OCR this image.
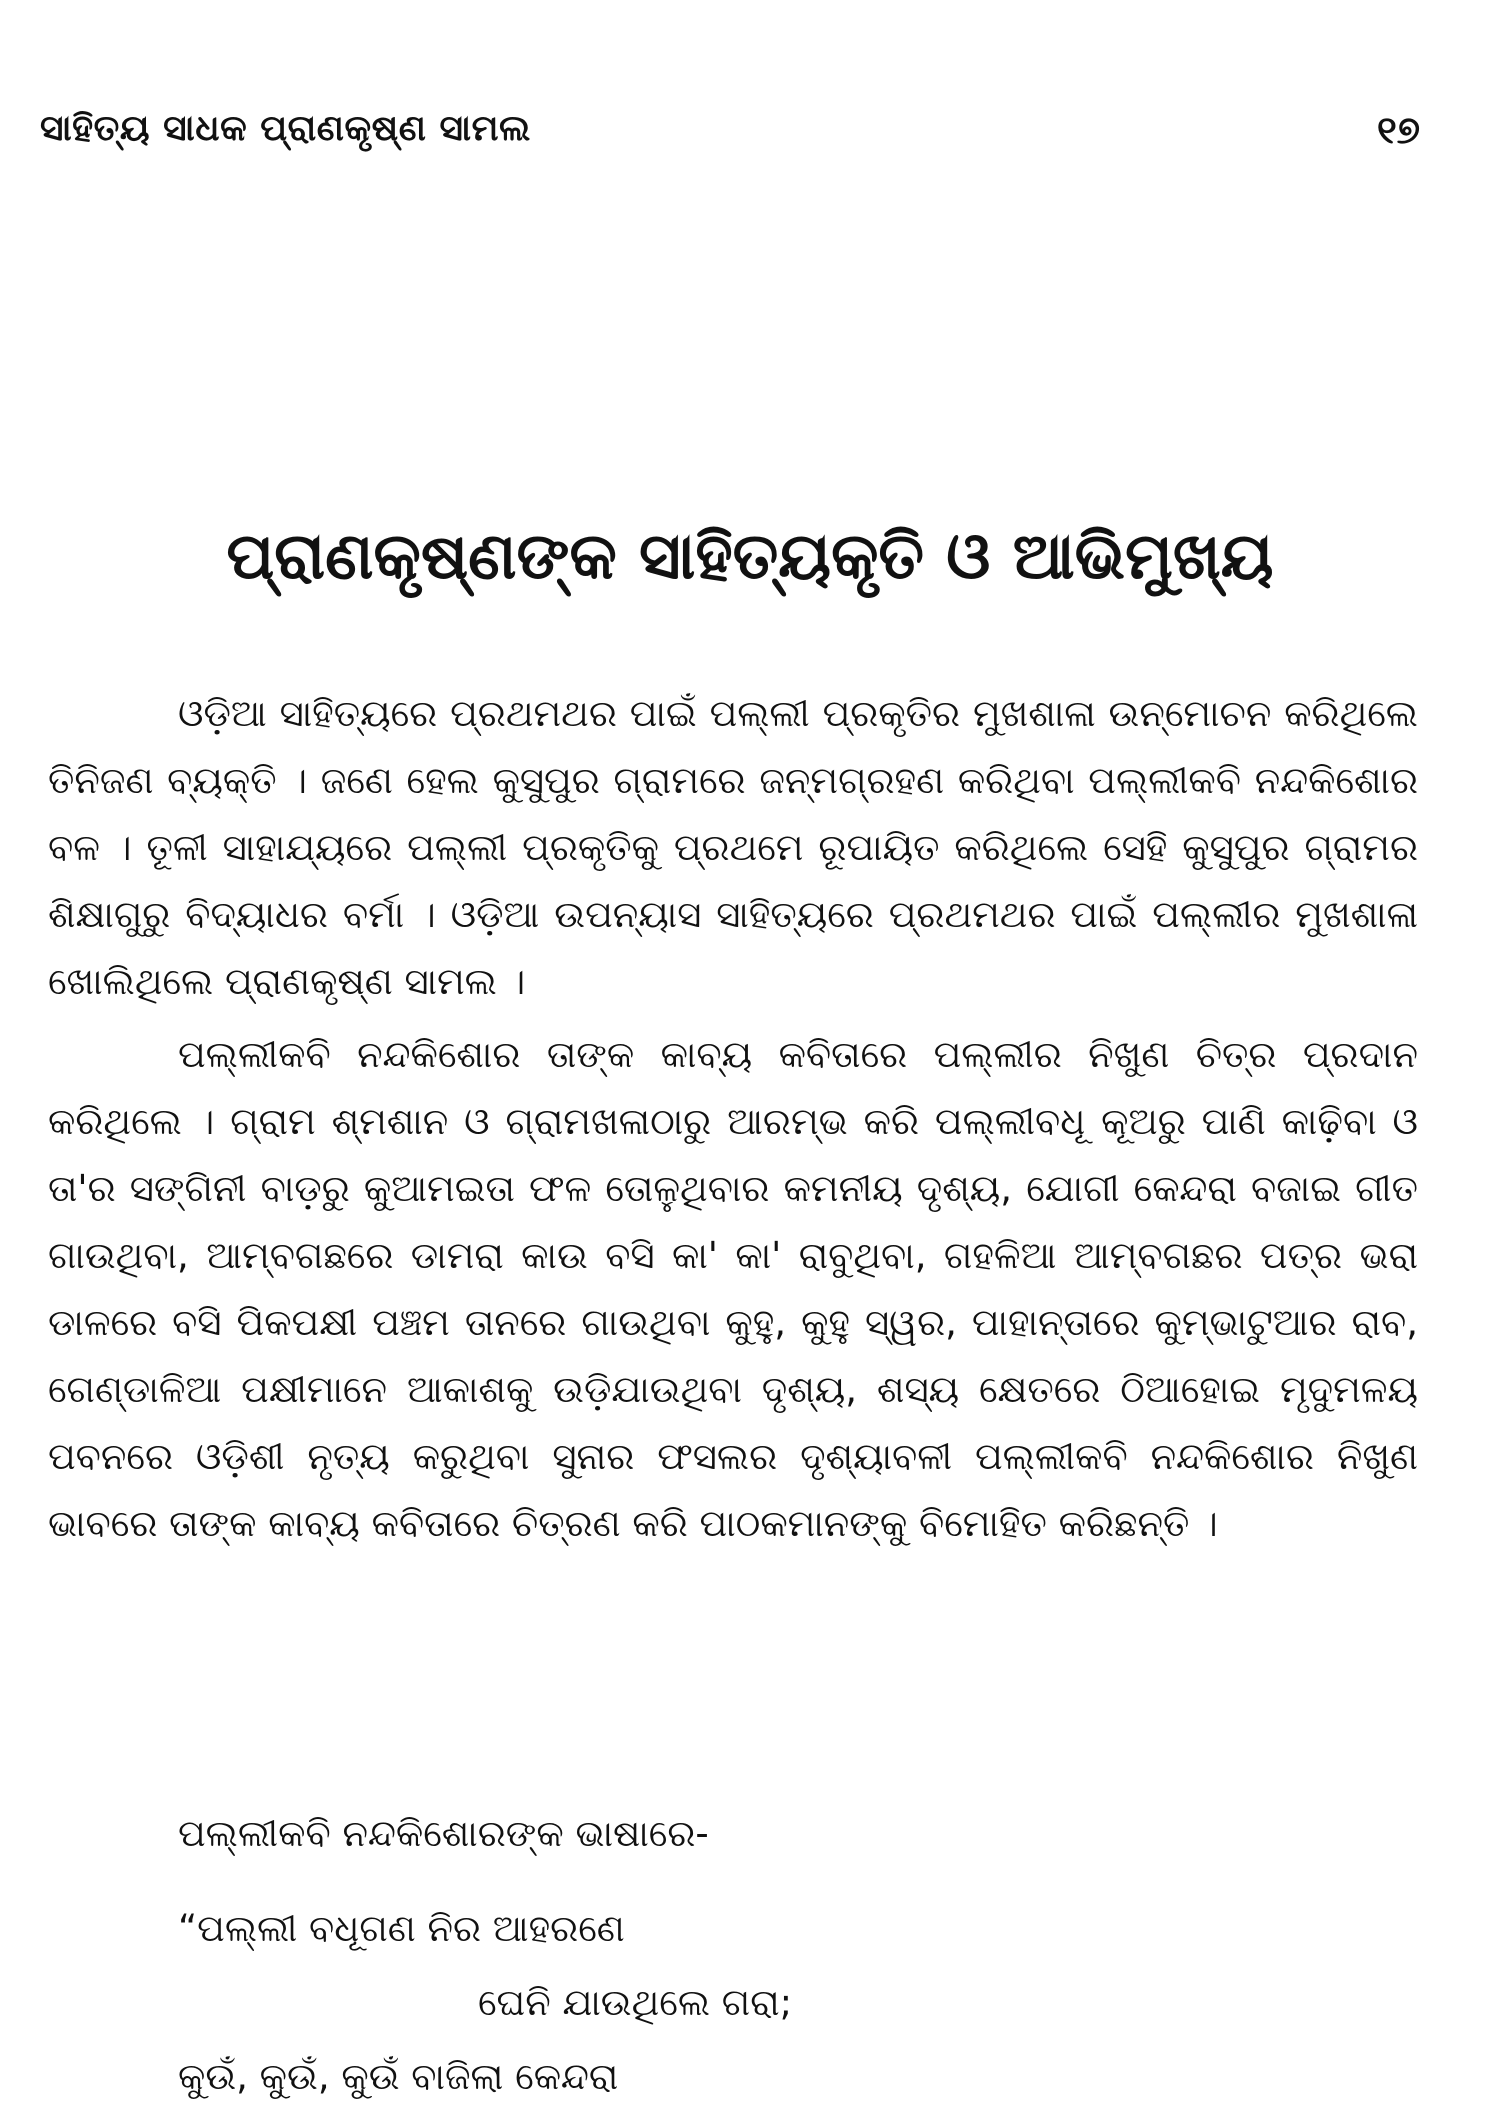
ସାହିତ୍ୟ ସାଧକ ପ୍ରାଣକୃଷ୍ଣ ସାମଲ	୧୭
ପ୍ରାଣକୃଷ୍ଣଙ୍କ ସାହିତ୍ୟକୃତି ଓ ଆଭିମୁଖ୍ୟ

ଓଡ଼ିଆ ସାହିତ୍ୟରେ ପ୍ରଥମଥର ପାଇଁ ପଲ୍ଲୀ ପ୍ରକୃତିର ମୁଖଶାଳା ଉନ୍ମୋଚନ କରିଥିଲେ ତିନିଜଣ ବ୍ୟକ୍ତି । ଜଣେ ହେଲ କୁସୁପୁର ଗ୍ରାମରେ ଜନ୍ମଗ୍ରହଣ କରିଥିବା ପଲ୍ଲୀକବି ନନ୍ଦକିଶୋର ବଳ । ତୂଳୀ ସାହାଯ୍ୟରେ ପଲ୍ଲୀ ପ୍ରକୃତିକୁ ପ୍ରଥମେ ରୂପାୟିତ କରିଥିଲେ ସେହି କୁସୁପୁର ଗ୍ରାମର ଶିକ୍ଷାଗୁରୁ ବିଦ୍ୟାଧର ବର୍ମା । ଓଡ଼ିଆ ଉପନ୍ୟାସ ସାହିତ୍ୟରେ ପ୍ରଥମଥର ପାଇଁ ପଲ୍ଲୀର ମୁଖଶାଳା ଖୋଲିଥିଲେ ପ୍ରାଣକୃଷ୍ଣ ସାମଲ ।

ପଲ୍ଲୀକବି ନନ୍ଦକିଶୋର ତାଙ୍କ କାବ୍ୟ କବିତାରେ ପଲ୍ଲୀର ନିଖୁଣ ଚିତ୍ର ପ୍ରଦାନ କରିଥିଲେ । ଗ୍ରାମ ଶ୍ମଶାନ ଓ ଗ୍ରାମଖଳାଠାରୁ ଆରମ୍ଭ କରି ପଲ୍ଲୀବଧୂ କୂଅରୁ ପାଣି କାଢ଼ିବା ଓ ତା'ର ସଙ୍ଗିନୀ ବାଡ଼ରୁ କୁଆମଇତା ଫଳ ତୋଳୁଥିବାର କମନୀୟ ଦୃଶ୍ୟ, ଯୋଗୀ କେନ୍ଦରା ବଜାଇ ଗୀତ ଗାଉଥିବା, ଆମ୍ବଗଛରେ ଡାମରା କାଉ ବସି କା' କା' ରାବୁଥିବା, ଗହଳିଆ ଆମ୍ବଗଛର ପତ୍ର ଭରା ଡାଳରେ ବସି ପିକପକ୍ଷୀ ପଞ୍ଚମ ତାନରେ ଗାଉଥିବା କୁହୁ, କୁହୁ ସ୍ୱର, ପାହାନ୍ତାରେ କୁମ୍ଭାଟୁଆର ରାବ, ଗେଣ୍ଡାଳିଆ ପକ୍ଷୀମାନେ ଆକାଶକୁ ଉଡ଼ିଯାଉଥିବା ଦୃଶ୍ୟ, ଶସ୍ୟ କ୍ଷେତରେ ଠିଆହୋଇ ମୃଦୁମଳୟ ପବନରେ ଓଡ଼ିଶୀ ନୃତ୍ୟ କରୁଥିବା ସୁନାର ଫସଲର ଦୃଶ୍ୟାବଳୀ ପଲ୍ଲୀକବି ନନ୍ଦକିଶୋର ନିଖୁଣ ଭାବରେ ତାଙ୍କ କାବ୍ୟ କବିତାରେ ଚିତ୍ରଣ କରି ପାଠକମାନଙ୍କୁ ବିମୋହିତ କରିଛନ୍ତି ।

ପଲ୍ଲୀକବି ନନ୍ଦକିଶୋରଙ୍କ ଭାଷାରେ-
“ପଲ୍ଲୀ ବଧୂଗଣ ନିର ଆହରଣେ
ଘେନି ଯାଉଥିଲେ ଗରା;
କୁଉଁ, କୁଉଁ, କୁଉଁ ବାଜିଲା କେନ୍ଦରା
